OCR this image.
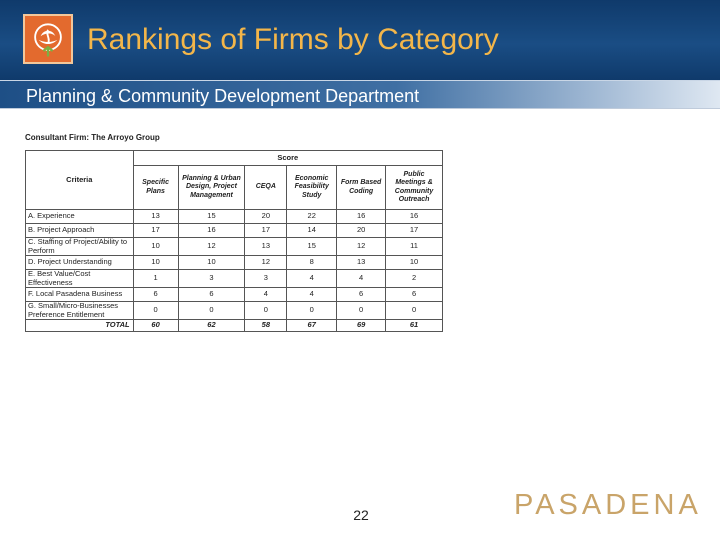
Rankings of Firms by Category
Planning & Community Development Department
Consultant Firm: The Arroyo Group
Criteria	Score					
	Specific Plans	Planning & Urban Design, Project Management	CEQA	Economic Feasibility Study	Form Based Coding	Public Meetings & Community Outreach
A. Experience	13	15	20	22	16	16
B. Project Approach	17	16	17	14	20	17
C. Staffing of Project/Ability to Perform	10	12	13	15	12	11
D. Project Understanding	10	10	12	8	13	10
E. Best Value/Cost Effectiveness	1	3	3	4	4	2
F. Local Pasadena Business	6	6	4	4	6	6
G. Small/Micro-Businesses Preference Entitlement	0	0	0	0	0	0
TOTAL	60	62	58	67	69	61
22	PASADENA
